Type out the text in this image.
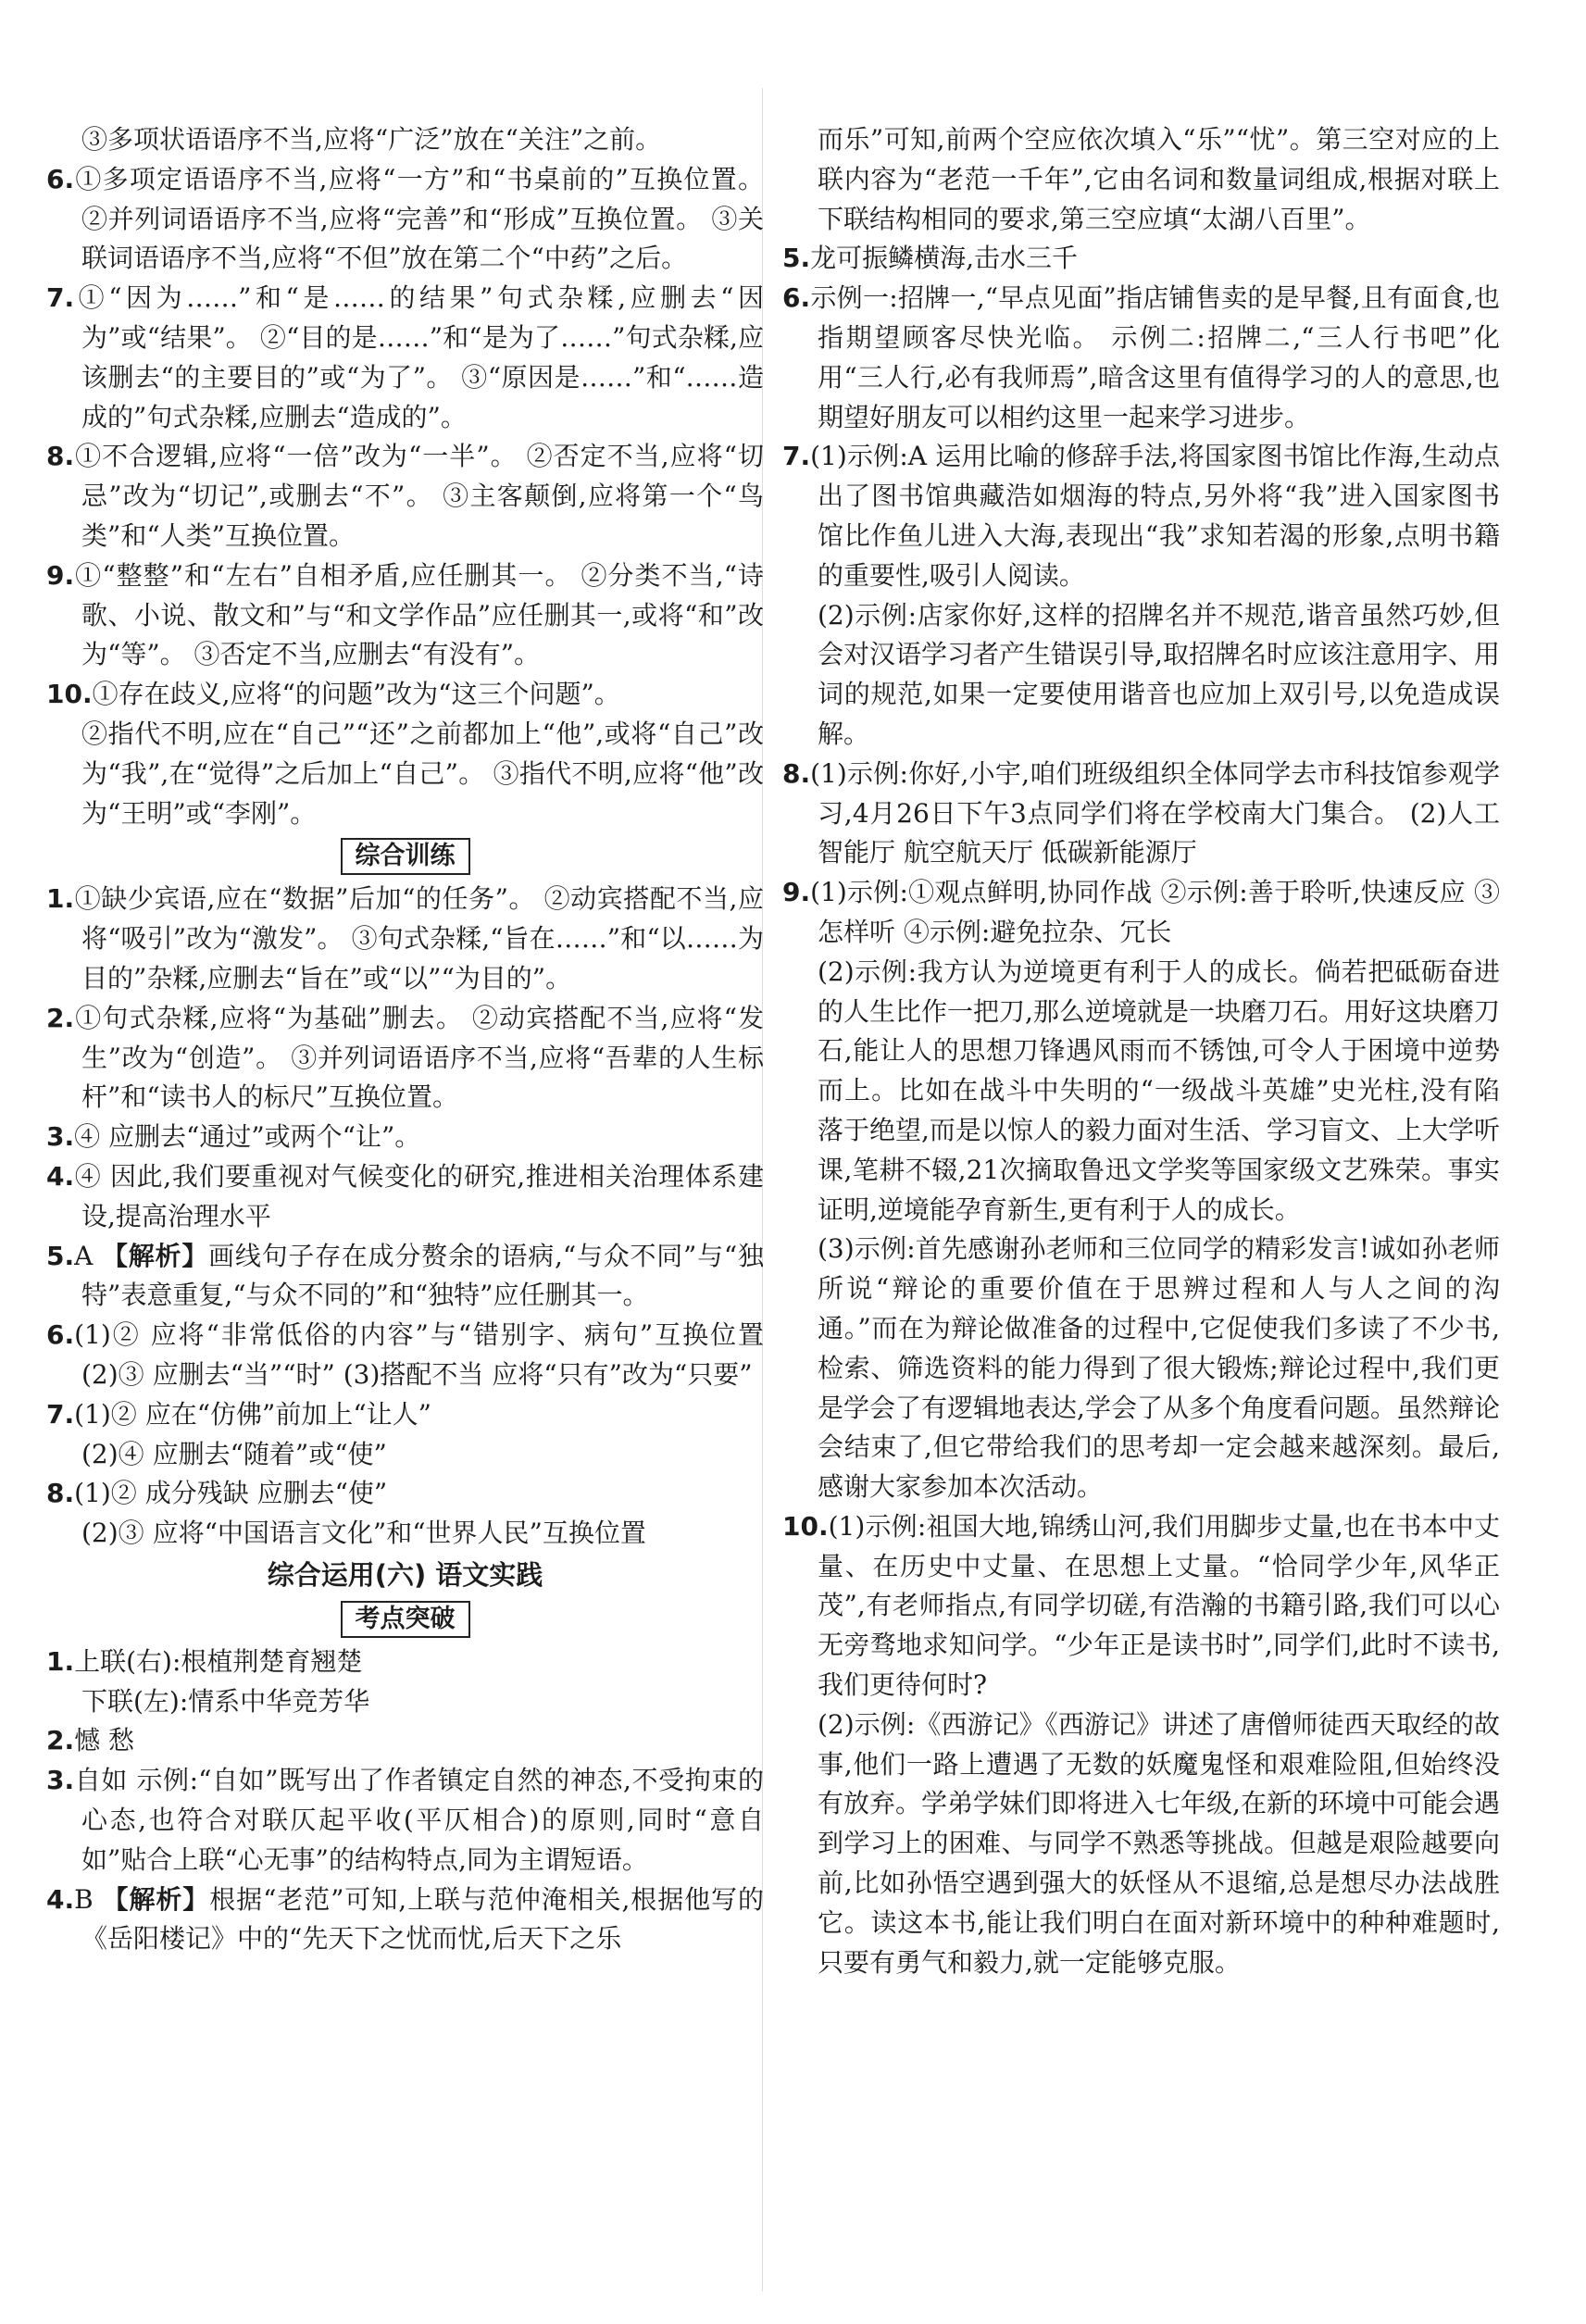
③多项状语语序不当,应将“广泛”放在“关注”之前。

6.①多项定语语序不当,应将“一方”和“书桌前的”互换位置。 ②并列词语语序不当,应将“完善”和“形成”互换位置。 ③关联词语语序不当,应将“不但”放在第二个“中药”之后。

7.①“因为……”和“是……的结果”句式杂糅,应删去“因为”或“结果”。 ②“目的是……”和“是为了……”句式杂糅,应该删去“的主要目的”或“为了”。 ③“原因是……”和“……造成的”句式杂糅,应删去“造成的”。

8.①不合逻辑,应将“一倍”改为“一半”。 ②否定不当,应将“切忌”改为“切记”,或删去“不”。 ③主客颠倒,应将第一个“鸟类”和“人类”互换位置。

9.①“整整”和“左右”自相矛盾,应任删其一。 ②分类不当,“诗歌、小说、散文和”与“和文学作品”应任删其一,或将“和”改为“等”。 ③否定不当,应删去“有没有”。

10.①存在歧义,应将“的问题”改为“这三个问题”。

②指代不明,应在“自己”“还”之前都加上“他”,或将“自己”改为“我”,在“觉得”之后加上“自己”。 ③指代不明,应将“他”改为“王明”或“李刚”。

综合训练

1.①缺少宾语,应在“数据”后加“的任务”。 ②动宾搭配不当,应将“吸引”改为“激发”。 ③句式杂糅,“旨在……”和“以……为目的”杂糅,应删去“旨在”或“以”“为目的”。

2.①句式杂糅,应将“为基础”删去。 ②动宾搭配不当,应将“发生”改为“创造”。 ③并列词语语序不当,应将“吾辈的人生标杆”和“读书人的标尺”互换位置。

3.④ 应删去“通过”或两个“让”。

4.④ 因此,我们要重视对气候变化的研究,推进相关治理体系建设,提高治理水平

5.A 【解析】画线句子存在成分赘余的语病,“与众不同”与“独特”表意重复,“与众不同的”和“独特”应任删其一。

6.(1)② 应将“非常低俗的内容”与“错别字、病句”互换位置 (2)③ 应删去“当”“时” (3)搭配不当 应将“只有”改为“只要”

7.(1)② 应在“仿佛”前加上“让人”

(2)④ 应删去“随着”或“使”

8.(1)② 成分残缺 应删去“使”

(2)③ 应将“中国语言文化”和“世界人民”互换位置

综合运用(六) 语文实践
考点突破

1.上联(右):根植荆楚育翘楚

下联(左):情系中华竞芳华

2.憾 愁

3.自如 示例:“自如”既写出了作者镇定自然的神态,不受拘束的心态,也符合对联仄起平收(平仄相合)的原则,同时“意自如”贴合上联“心无事”的结构特点,同为主谓短语。

4.B 【解析】根据“老范”可知,上联与范仲淹相关,根据他写的《岳阳楼记》中的“先天下之忧而忧,后天下之乐

而乐”可知,前两个空应依次填入“乐”“忧”。第三空对应的上联内容为“老范一千年”,它由名词和数量词组成,根据对联上下联结构相同的要求,第三空应填“太湖八百里”。

5.龙可振鳞横海,击水三千

6.示例一:招牌一,“早点见面”指店铺售卖的是早餐,且有面食,也指期望顾客尽快光临。 示例二:招牌二,“三人行书吧”化用“三人行,必有我师焉”,暗含这里有值得学习的人的意思,也期望好朋友可以相约这里一起来学习进步。

7.(1)示例:A 运用比喻的修辞手法,将国家图书馆比作海,生动点出了图书馆典藏浩如烟海的特点,另外将“我”进入国家图书馆比作鱼儿进入大海,表现出“我”求知若渴的形象,点明书籍的重要性,吸引人阅读。

(2)示例:店家你好,这样的招牌名并不规范,谐音虽然巧妙,但会对汉语学习者产生错误引导,取招牌名时应该注意用字、用词的规范,如果一定要使用谐音也应加上双引号,以免造成误解。

8.(1)示例:你好,小宇,咱们班级组织全体同学去市科技馆参观学习,4月26日下午3点同学们将在学校南大门集合。 (2)人工智能厅 航空航天厅 低碳新能源厅

9.(1)示例:①观点鲜明,协同作战 ②示例:善于聆听,快速反应 ③怎样听 ④示例:避免拉杂、冗长

(2)示例:我方认为逆境更有利于人的成长。倘若把砥砺奋进的人生比作一把刀,那么逆境就是一块磨刀石。用好这块磨刀石,能让人的思想刀锋遇风雨而不锈蚀,可令人于困境中逆势而上。比如在战斗中失明的“一级战斗英雄”史光柱,没有陷落于绝望,而是以惊人的毅力面对生活、学习盲文、上大学听课,笔耕不辍,21次摘取鲁迅文学奖等国家级文艺殊荣。事实证明,逆境能孕育新生,更有利于人的成长。

(3)示例:首先感谢孙老师和三位同学的精彩发言!诚如孙老师所说“辩论的重要价值在于思辨过程和人与人之间的沟通。”而在为辩论做准备的过程中,它促使我们多读了不少书,检索、筛选资料的能力得到了很大锻炼;辩论过程中,我们更是学会了有逻辑地表达,学会了从多个角度看问题。虽然辩论会结束了,但它带给我们的思考却一定会越来越深刻。最后,感谢大家参加本次活动。

10.(1)示例:祖国大地,锦绣山河,我们用脚步丈量,也在书本中丈量、在历史中丈量、在思想上丈量。“恰同学少年,风华正茂”,有老师指点,有同学切磋,有浩瀚的书籍引路,我们可以心无旁骛地求知问学。“少年正是读书时”,同学们,此时不读书,我们更待何时?

(2)示例:《西游记》《西游记》讲述了唐僧师徒西天取经的故事,他们一路上遭遇了无数的妖魔鬼怪和艰难险阻,但始终没有放弃。学弟学妹们即将进入七年级,在新的环境中可能会遇到学习上的困难、与同学不熟悉等挑战。但越是艰险越要向前,比如孙悟空遇到强大的妖怪从不退缩,总是想尽办法战胜它。读这本书,能让我们明白在面对新环境中的种种难题时,只要有勇气和毅力,就一定能够克服。
